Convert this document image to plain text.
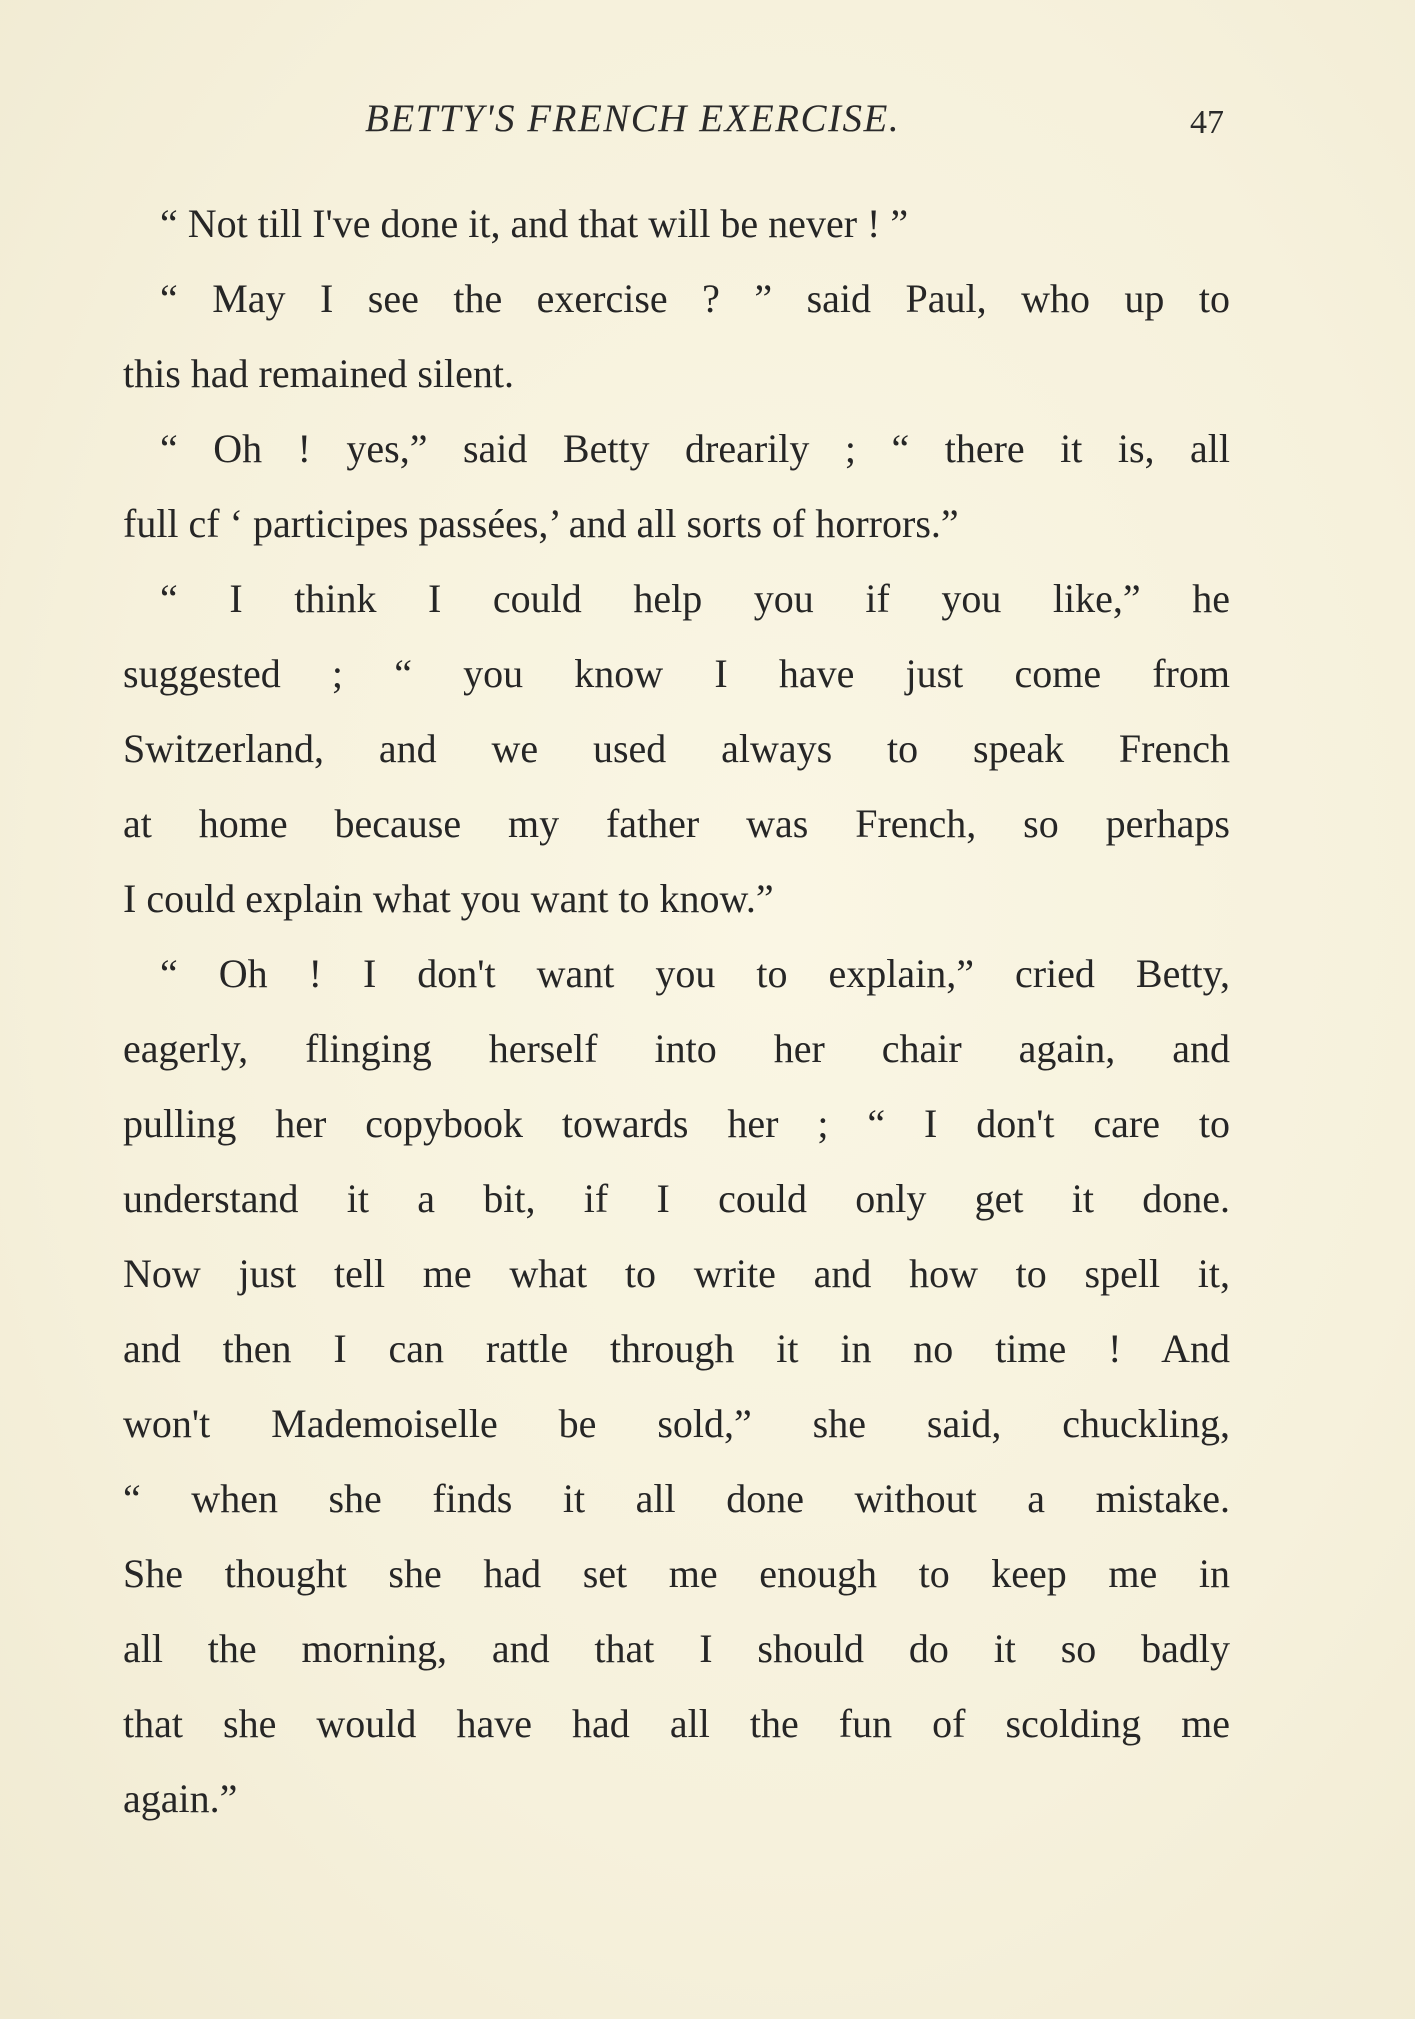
BETTY'S FRENCH EXERCISE.	47
“ Not till I've done it, and that will be never ! ”
“ May I see the exercise ? ” said Paul, who up to
this had remained silent.
“ Oh ! yes,” said Betty drearily ; “ there it is, all
full cf ‘ participes passées,’ and all sorts of horrors.”
“ I think I could help you if you like,” he
suggested ; “ you know I have just come from
Switzerland, and we used always to speak French
at home because my father was French, so perhaps
I could explain what you want to know.”
“ Oh ! I don't want you to explain,” cried Betty,
eagerly, flinging herself into her chair again, and
pulling her copybook towards her ; “ I don't care to
understand it a bit, if I could only get it done.
Now just tell me what to write and how to spell it,
and then I can rattle through it in no time ! And
won't Mademoiselle be sold,” she said, chuckling,
“ when she finds it all done without a mistake.
She thought she had set me enough to keep me in
all the morning, and that I should do it so badly
that she would have had all the fun of scolding me
again.”
